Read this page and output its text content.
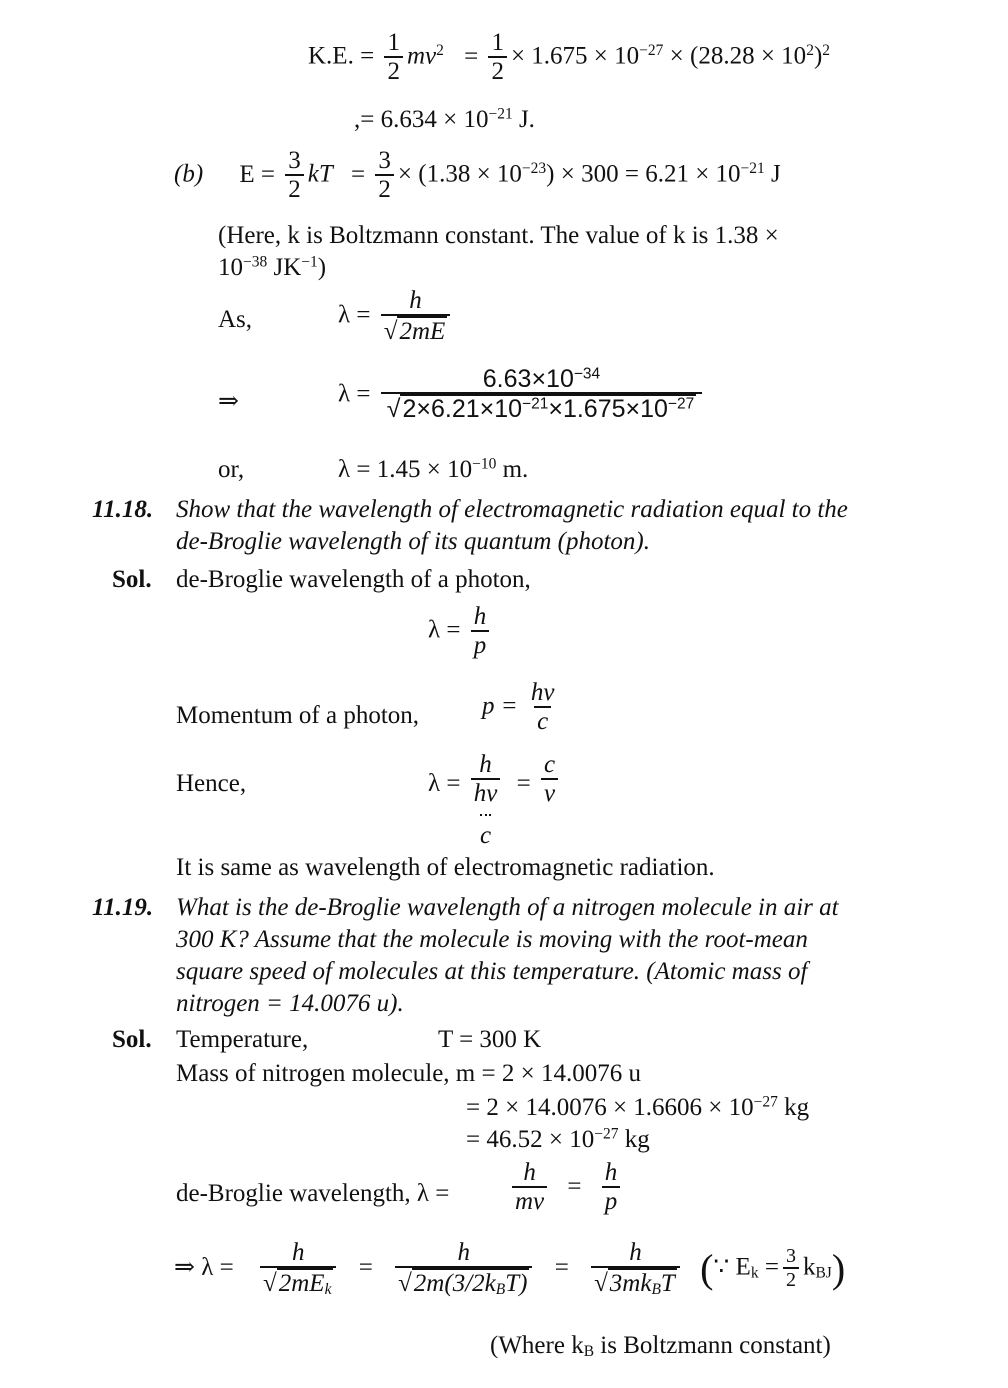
K.E. = $\frac{1}{2} mv^2 = \frac{1}{2} \times 1.675 \times 10^{-27} \times (28.28 \times 10^2)^2$
,= $6.634 \times 10^{-21}$ J.
(b) $E = \frac{3}{2}$ kT = $\frac{3}{2} \times (1.38 \times 10^{-23}) \times 300 = 6.21 \times 10^{-21}$ J
(Here, k is Boltzmann constant. The value of k is 1.38 ×
$10^{-38}$ $JK^{-1}$)
As,	$\lambda = \frac{h}{√2mE}$
⇒	$\lambda = \frac{6.63\times 10^{-34}}{√2\times 6.21\times 10^{-21}\times 1.675\times 10^{-27}}$
or,	$\lambda = 1.45 \times 10^{-10}$ m.
11.18. Show that the wavelength of electromagnetic radiation equal to the
de-Broglie wavelength of its quantum (photon).
Sol. de-Broglie wavelength of a photon,
$\lambda = \frac{h}{p}$
Momentum of a photon,	$p = \frac{hv}{c}$
Hence,	λ = h
hv
$c = \frac{c}{v}$
It is same as wavelength of electromagnetic radiation.
11.19. What is the de-Broglie wavelength of a nitrogen molecule in air at
300 K? Assume that the molecule is moving with the root-mean
square speed of molecules at this temperature. (Atomic mass of
nitrogen = 14.0076 u).
Sol. Temperature,	T = 300 K
Mass of nitrogen molecule, m = 2 × 14.0076 u
= $2 \times 14.0076 \times 1.6606 \times 10^{-27}$ kg
= $46.52 \times 10^{-27}$ kg
de-Broglie wavelength, λ =	$\frac{h}{mv} = \frac{h}{p}$
⇒ $\lambda = \frac{h}{√2mE_k} = \frac{h}{√2m(3/2k_BT)} = \frac{h}{√3mk_BT}$ (∵ $E_k = \frac{3}{2} k_{BJ}$)
(Where $k_B$ is Boltzmann constant)
